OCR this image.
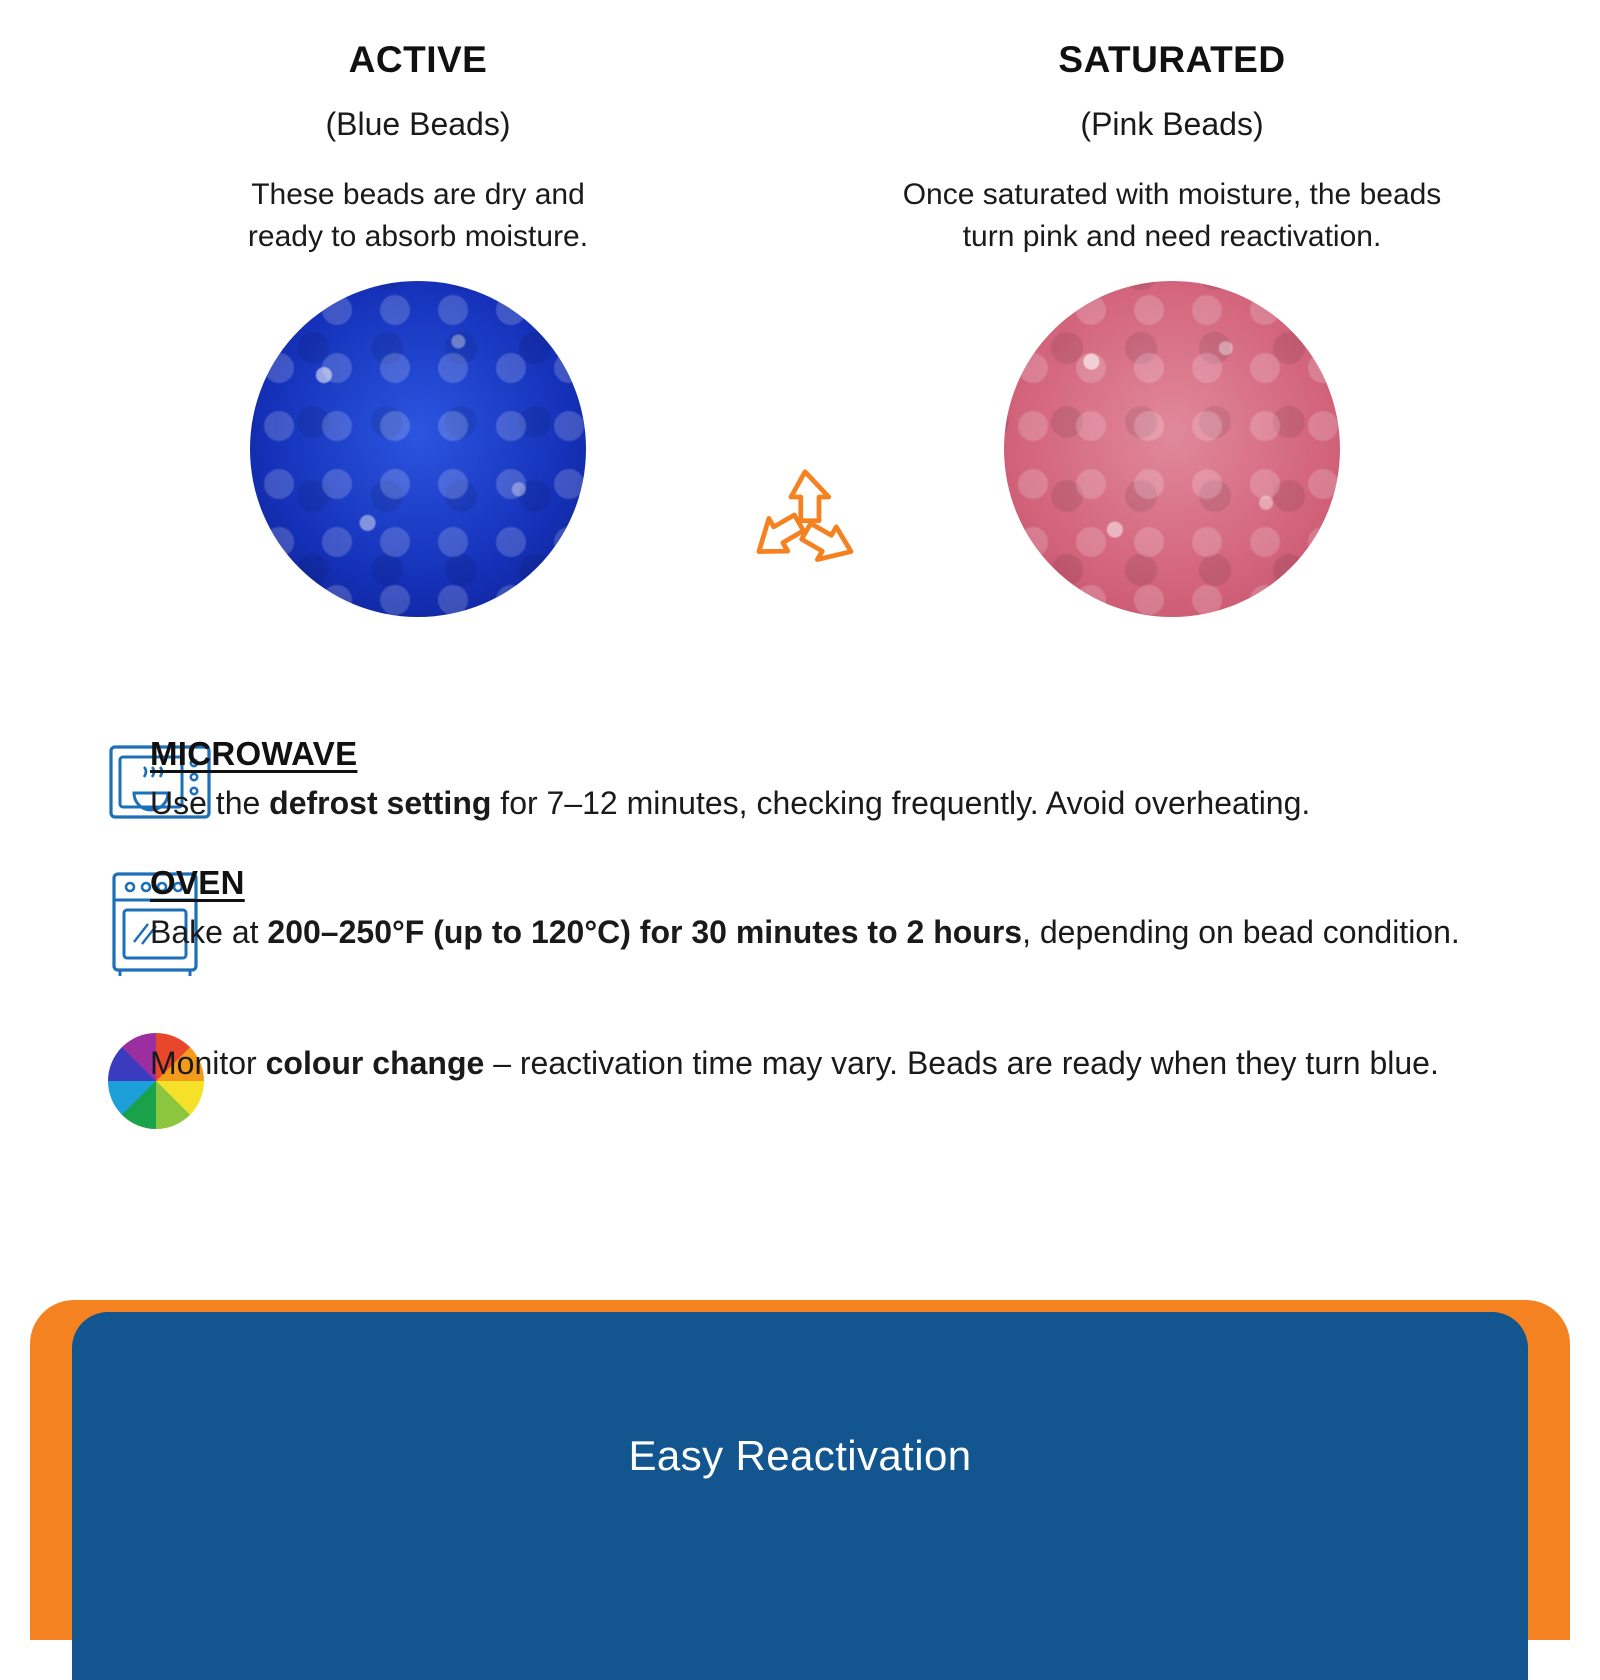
ACTIVE
(Blue Beads)
These beads are dry and ready to absorb moisture.
SATURATED
(Pink Beads)
Once saturated with moisture, the beads turn pink and need reactivation.
MICROWAVE

Use the defrost setting for 7–12 minutes, checking frequently. Avoid overheating.

OVEN

Bake at 200–250°F (up to 120°C) for 30 minutes to 2 hours, depending on bead condition.

Monitor colour change – reactivation time may vary. Beads are ready when they turn blue.

Easy Reactivation
